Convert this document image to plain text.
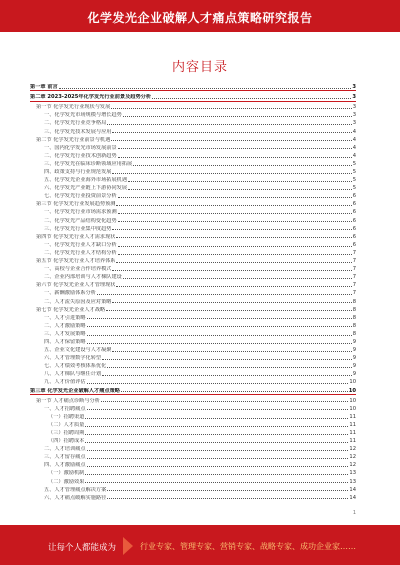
化学发光企业破解人才痛点策略研究报告
内容目录
第一章 前言	3
第二章 2023-2025年化学发光行业前景及趋势分析	3
第一节 化学发光行业现状与发展	3
一、化学发光市场规模与增长趋势	3
二、化学发光行业竞争格局	3
三、化学发光技术发展与应用	4
第二节 化学发光行业前景与机遇	4
一、国内化学发光市场发展前景	4
二、化学发光行业技术创新趋势	4
三、化学发光在临床诊断领域应用拓展	5
四、政策支持与行业规范发展	5
五、化学发光企业海外市场拓展机遇	5
六、化学发光产业链上下游协同发展	5
七、化学发光行业投资前景分析	6
第三节 化学发光行业发展趋势预测	6
一、化学发光行业市场需求预测	6
二、化学发光产品结构变化趋势	6
三、化学发光行业集中度趋势	6
第四节 化学发光行业人才需求现状	6
一、化学发光行业人才缺口分析	6
二、化学发光行业人才结构分析	7
第五节 化学发光行业人才培养体系	7
一、高校与企业合作培养模式	7
二、企业内部培训与人才梯队建设	7
第六节 化学发光企业人才管理现状	7
一、薪酬激励体系分析	7
二、人才流失原因及应对策略	8
第七节 化学发光企业人才战略	8
一、人才引进策略	8
二、人才激励策略	8
三、人才发展策略	8
四、人才保留策略	9
五、企业文化建设与人才凝聚	9
六、人才管理数字化转型	9
七、人才绩效考核体系优化	9
八、人才梯队与继任计划	9
九、人才价值评估	10
第三章 化学发光企业破解人才痛点策略	10
第一节 人才痛点诊断与分析	10
一、人才招聘痛点	10
（一）招聘渠道	11
（二）人才质量	11
（三）招聘周期	11
（四）招聘成本	11
二、人才培训痛点	12
三、人才留存痛点	12
四、人才激励痛点	12
（一）激励机制	13
（二）激励效果	13
五、人才管理痛点解决方案	14
六、人才痛点破解实施路径	14
让每个人都能成为	行业专家、管理专家、营销专家、战略专家、成功企业家……
1
